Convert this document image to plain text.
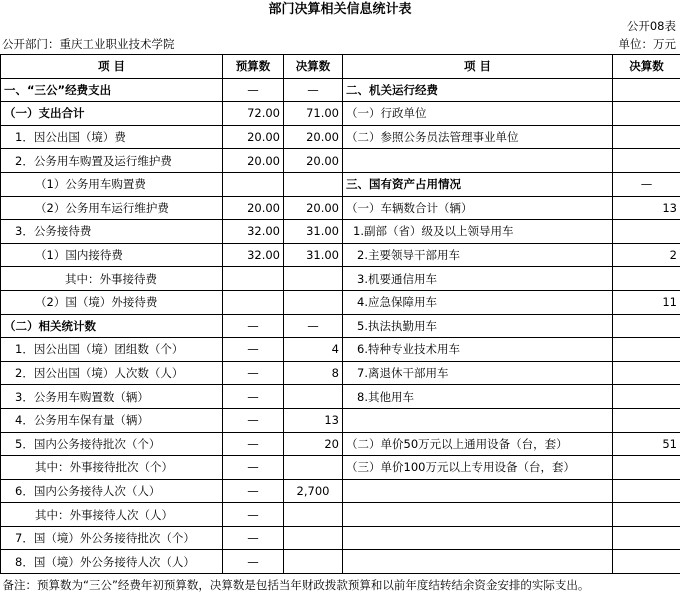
部门决算相关信息统计表
公开08表
公开部门：重庆工业职业技术学院	单位：万元
项 目	预算数	决算数	项 目	决算数
一、“三公”经费支出	—	—	二、机关运行经费	
（一）支出合计	72.00	71.00	（一）行政单位	
1．因公出国（境）费	20.00	20.00	（二）参照公务员法管理事业单位	
2．公务用车购置及运行维护费	20.00	20.00		
（1）公务用车购置费			三、国有资产占用情况	—
（2）公务用车运行维护费	20.00	20.00	（一）车辆数合计（辆）	13
3．公务接待费	32.00	31.00	1.副部（省）级及以上领导用车	
（1）国内接待费	32.00	31.00	2.主要领导干部用车	2
其中：外事接待费			3.机要通信用车	
（2）国（境）外接待费			4.应急保障用车	11
（二）相关统计数	—	—	5.执法执勤用车	
1．因公出国（境）团组数（个）	—	4	6.特种专业技术用车	
2．因公出国（境）人次数（人）	—	8	7.离退休干部用车	
3．公务用车购置数（辆）	—		8.其他用车	
4．公务用车保有量（辆）	—	13		
5．国内公务接待批次（个）	—	20	（二）单价50万元以上通用设备（台，套）	51
其中：外事接待批次（个）	—		（三）单价100万元以上专用设备（台，套）	
6．国内公务接待人次（人）	—	2,700		
其中：外事接待人次（人）	—			
7．国（境）外公务接待批次（个）	—			
8．国（境）外公务接待人次（人）	—			
备注：预算数为“三公”经费年初预算数，决算数是包括当年财政拨款预算和以前年度结转结余资金安排的实际支出。				
